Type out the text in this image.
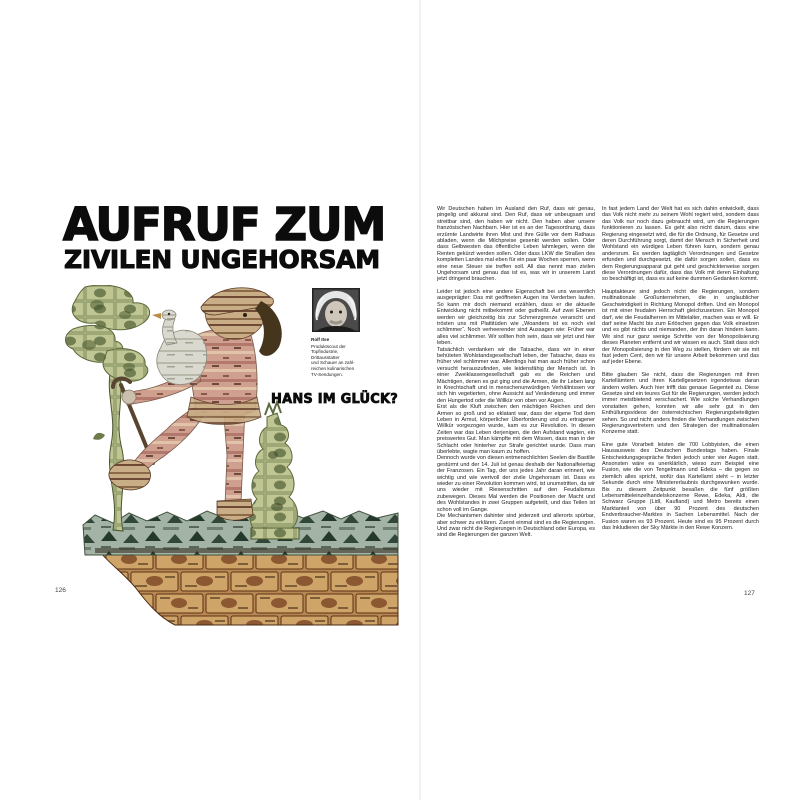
AUFRUF ZUM
ZIVILEN UNGEHORSAM
Rolf Itse
Produktscout der
Topfindustrie,
Drittausstatter
und Schauer an zahl-
reichen kulinarischen
TV-Sendungen.
HANS IM GLÜCK?
126

Wir Deutschen haben im Ausland den Ruf, dass wir genau, pingelig und akkurat sind. Den Ruf, dass wir unbeugsam und streitbar sind, den haben wir nicht. Den haben aber unsere französischen Nachbarn. Hier ist es an der Tagesordnung, dass erzürnte Landwirte ihren Mist und ihre Gülle vor dem Rathaus abladen, wenn die Milchpreise gesenkt werden sollen. Oder dass Gelbwesten das öffentliche Leben lahmlegen, wenn die Renten gekürzt werden sollen. Oder dass LKW die Straßen des kompletten Landes mal eben für ein paar Wochen sperren, wenn eine neue Steuer sie treffen soll. All das nennt man zivilen Ungehorsam und genau das ist es, was wir in unserem Land jetzt dringend brauchen.

Leider ist jedoch eine andere Eigenschaft bei uns wesentlich ausgeprägter: Das mit geöffneten Augen ins Verderben laufen. So kann mir doch niemand erzählen, dass er die aktuelle Entwicklung nicht mitbekommt oder gutheißt. Auf zwei Ebenen werden wir gleichzeitig bis zur Schmerzgrenze verarscht und trösten uns mit Plattitüden wie „Woanders ist es noch viel schlimmer“. Noch verheerender sind Aussagen wie: Früher war alles viel schlimmer. Wir sollten froh sein, dass wir jetzt und hier leben.

Tatsächlich verdanken wir die Tatsache, dass wir in einer behüteten Wohlstandsgesellschaft leben, der Tatsache, dass es früher viel schlimmer war. Allerdings hat man auch früher schon versucht herauszufinden, wie leidensfähig der Mensch ist. In einer Zweiklassengesellschaft gab es die Reichen und Mächtigen, denen es gut ging und die Armen, die ihr Leben lang in Knechtschaft und in menschenunwürdigen Verhältnissen vor sich hin vegetierten, ohne Aussicht auf Veränderung und immer den Hungertod oder die Willkür von oben vor Augen.

Erst als die Kluft zwischen den mächtigen Reichen und den Armen so groß und so eklatant war, dass der eigene Tod dem Leben in Armut, körperlicher Überforderung und zu ertragener Willkür vorgezogen wurde, kam es zur Revolution. In diesen Zeiten war das Leben derjenigen, die den Aufstand wagten, ein preiswertes Gut. Man kämpfte mit dem Wissen, dass man in der Schlacht oder hinterher zur Strafe gerichtet wurde. Dass man überlebte, wagte man kaum zu hoffen.

Dennoch wurde von diesen entmenschlichten Seelen die Bastille gestürmt und der 14. Juli ist genau deshalb der Nationalfeiertag der Franzosen. Ein Tag, der uns jedes Jahr daran erinnert, wie wichtig und wie wertvoll der zivile Ungehorsam ist. Dass es wieder zu einer Revolution kommen wird, ist unumstritten, da wir uns wieder mit Riesenschritten auf den Feudalismus zubewegen. Dieses Mal werden die Positionen der Macht und des Wohlstandes in zwei Gruppen aufgeteilt, und das Teilen ist schon voll im Gange.

Die Mechanismen dahinter sind jederzeit und allerorts spürbar, aber schwer zu erklären. Zuerst einmal sind es die Regierungen. Und zwar nicht die Regierungen in Deutschland oder Europa, es sind die Regierungen der ganzen Welt.

In fast jedem Land der Welt hat es sich dahin entwickelt, dass das Volk nicht mehr zu seinem Wohl regiert wird, sondern dass das Volk nur noch dazu gebraucht wird, um die Regierungen funktionieren zu lassen. Es geht also nicht darum, dass eine Regierung eingesetzt wird, die für die Ordnung, für Gesetze und deren Durchführung sorgt, damit der Mensch in Sicherheit und Wohlstand ein würdiges Leben führen kann, sondern genau andersrum. Es werden tagtäglich Verordnungen und Gesetze erfunden und durchgesetzt, die dafür sorgen sollen, dass es dem Regierungsapparat gut geht und geschickterweise sorgen diese Verordnungen dafür, dass das Volk mit deren Einhaltung so beschäftigt ist, dass es auf keine dummen Gedanken kommt.

Hauptakteure sind jedoch nicht die Regierungen, sondern multinationale Großunternehmen, die in unglaublicher Geschwindigkeit in Richtung Monopol driften. Und ein Monopol ist mit einer feudalen Herrschaft gleichzusetzen. Ein Monopol darf, wie die Feudalherren im Mittelalter, machen was er will. Er darf seine Macht bis zum Erlöschen gegen das Volk einsetzen und es gibt nichts und niemanden, der ihn daran hindern kann. Wir sind nur ganz wenige Schritte von der Monopolisierung dieses Planeten entfernt und wir wissen es auch. Statt dass sich der Monopolisierung in den Weg zu stellen, fördern wir sie mit fast jedem Cent, den wir für unsere Arbeit bekommen und das auf jeder Ebene.

Bitte glauben Sie nicht, dass die Regierungen mit ihren Kartellämtern und ihren Kartellgesetzen irgendetwas daran ändern wollen. Auch hier trifft das genaue Gegenteil zu. Diese Gesetze sind ein teures Gut für die Regierungen, werden jedoch immer meistbietend verschachert. Wie solche Verhandlungen vonstatten gehen, konnten wir alle sehr gut in den Enthüllungsvideos der österreichischen Regierungsbeteiligten sehen. So und nicht anders finden die Verhandlungen zwischen Regierungsvertretern und den Strategen der multinationalen Konzerne statt.

Eine gute Vorarbeit leisten die 700 Lobbyisten, die einen Hausausweis des Deutschen Bundestags haben. Finale Entscheidungsgespräche finden jedoch unter vier Augen statt. Ansonsten wäre es unerklärlich, wieso zum Beispiel eine Fusion, wie die von Tengelmann und Edeka – die gegen so ziemlich alles spricht, wofür das Kartellamt steht – in letzter Sekunde durch eine Ministererlaubnis durchgewunken wurde. Bis zu diesem Zeitpunkt besaßen die fünf größten Lebensmitteleinzelhandelskonzerne Rewe, Edeka, Aldi, die Schwarz Gruppe (Lidl, Kaufland) und Metro bereits einen Marktanteil von über 90 Prozent des deutschen Endverbraucher-Marktes in Sachen Lebensmittel. Nach der Fusion waren es 93 Prozent. Heute sind es 95 Prozent durch das Inkludieren der Sky Märkte in den Rewe Konzern.

127
